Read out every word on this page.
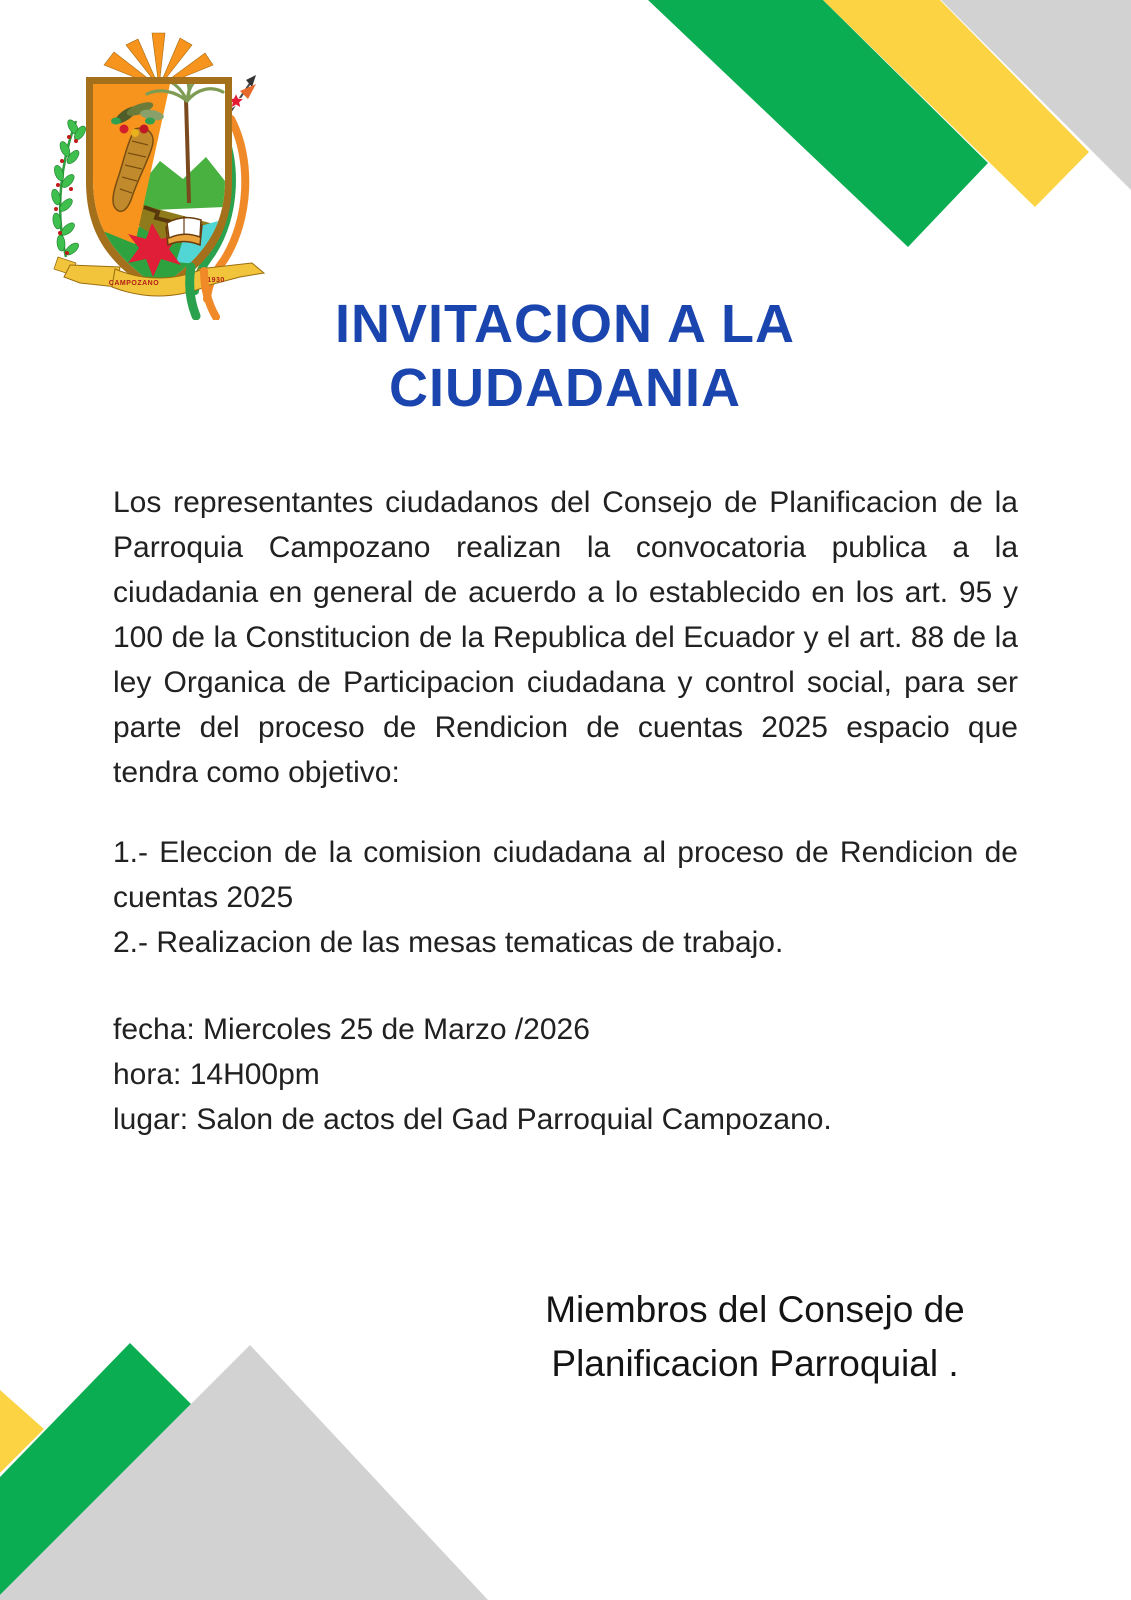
CAMPOZANO	1930
INVITACION A LA
CIUDADANIA

Los representantes ciudadanos del Consejo de Planificacion de la Parroquia Campozano realizan la convocatoria publica a la ciudadania en general de acuerdo a lo establecido en los art. 95 y 100 de la Constitucion de la Republica del Ecuador y el art. 88 de la ley Organica de Participacion ciudadana y control social, para ser parte del proceso de Rendicion de cuentas 2025 espacio que tendra como objetivo:

1.- Eleccion de la comision ciudadana al proceso de Rendicion de cuentas 2025

2.- Realizacion de las mesas tematicas de trabajo.

fecha: Miercoles 25 de Marzo /2026

hora: 14H00pm

lugar: Salon de actos del Gad Parroquial Campozano.

Miembros del Consejo de
Planificacion Parroquial .
